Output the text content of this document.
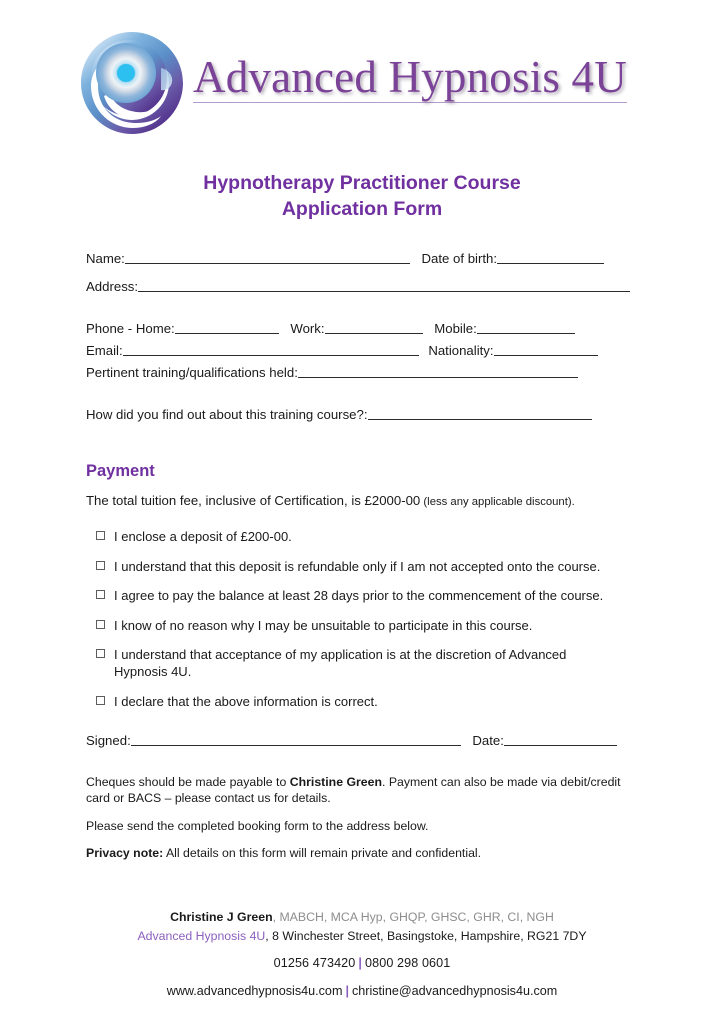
Advanced Hypnosis 4U
Hypnotherapy Practitioner Course
Application Form
Name:	Date of birth:
Address:
Phone - Home:	Work:	Mobile:
Email:	Nationality:
Pertinent training/qualifications held:
How did you find out about this training course?:
Payment
The total tuition fee, inclusive of Certification, is £2000-00 (less any applicable discount).
I enclose a deposit of £200-00.
I understand that this deposit is refundable only if I am not accepted onto the course.
I agree to pay the balance at least 28 days prior to the commencement of the course.
I know of no reason why I may be unsuitable to participate in this course.
I understand that acceptance of my application is at the discretion of Advanced Hypnosis 4U.
I declare that the above information is correct.
Signed:	Date:

Cheques should be made payable to Christine Green. Payment can also be made via debit/credit card or BACS – please contact us for details.

Please send the completed booking form to the address below.

Privacy note: All details on this form will remain private and confidential.

Christine J Green, MABCH, MCA Hyp, GHQP, GHSC, GHR, CI, NGH
Advanced Hypnosis 4U, 8 Winchester Street, Basingstoke, Hampshire, RG21 7DY
01256 473420 | 0800 298 0601
www.advancedhypnosis4u.com | christine@advancedhypnosis4u.com
